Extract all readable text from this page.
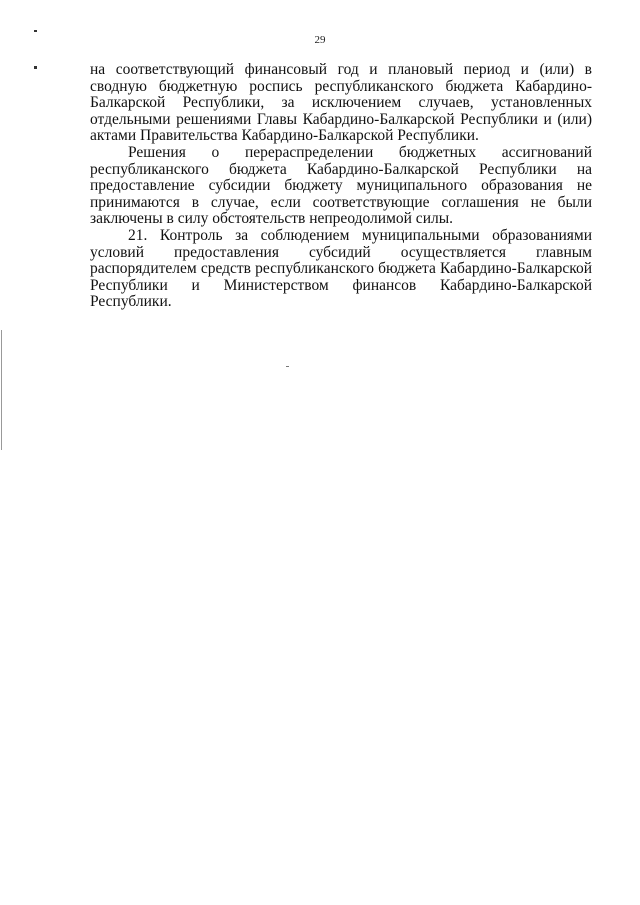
29

на соответствующий финансовый год и плановый период и (или) в сводную бюджетную роспись республиканского бюджета Кабардино-Балкарской Республики, за исключением случаев, установленных отдельными решениями Главы Кабардино-Балкарской Республики и (или) актами Правительства Кабардино-Балкарской Республики.

Решения о перераспределении бюджетных ассигнований республиканского бюджета Кабардино-Балкарской Республики на предоставление субсидии бюджету муниципального образования не принимаются в случае, если соответствующие соглашения не были заключены в силу обстоятельств непреодолимой силы.

21. Контроль за соблюдением муниципальными образованиями условий предоставления субсидий осуществляется главным распорядителем средств республиканского бюджета Кабардино-Балкарской Республики и Министерством финансов Кабардино-Балкарской Республики.
